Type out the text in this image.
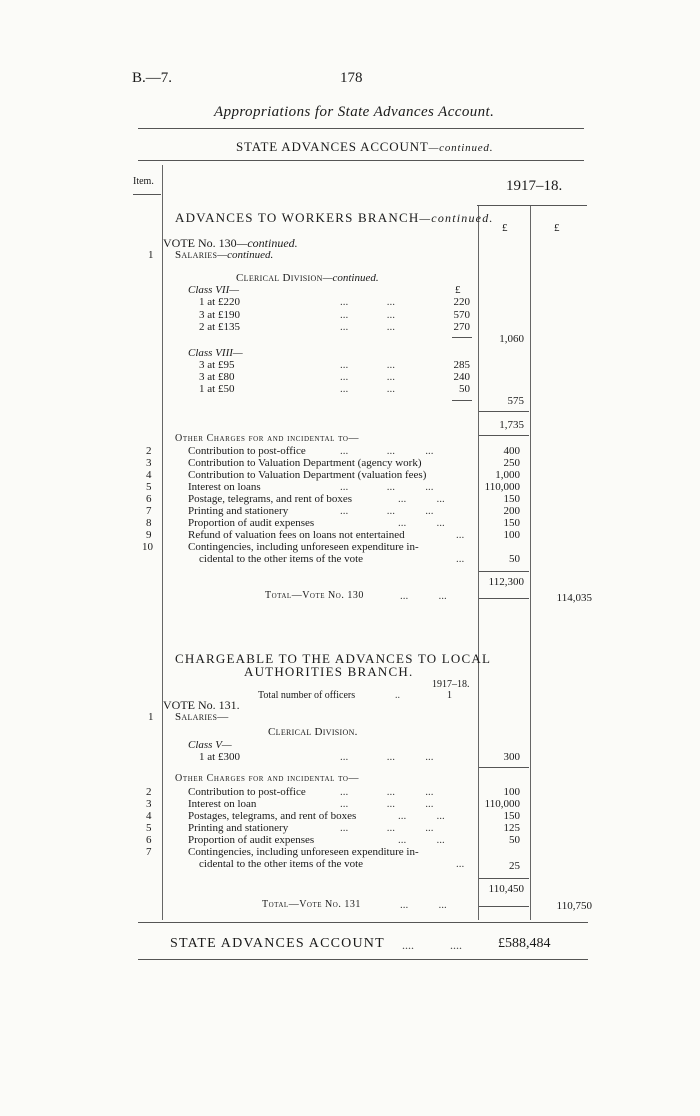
B.—7.	178
Appropriations for State Advances Account.
STATE ADVANCES ACCOUNT—continued.
Item.	1917–18.
£	£
ADVANCES TO WORKERS BRANCH—continued.
VOTE No. 130—continued.
1 Salaries—continued.
Clerical Division—continued.
£
Class VII—
1 at £220	...              ...	220
3 at £190	...              ...	570
2 at £135	...              ...	270
1,060
Class VIII—
3 at £95	...              ...	285
3 at £80	...              ...	240
1 at £50	...              ...	50
575
1,735
Other Charges for and incidental to—
2	Contribution to post-office	...              ...           ...	400
3	Contribution to Valuation Department (agency work)	250
4	Contribution to Valuation Department (valuation fees)	1,000
5	Interest on loans	...              ...           ...	110,000
6	Postage, telegrams, and rent of boxes	...           ...	150
7	Printing and stationery	...              ...           ...	200
8	Proportion of audit expenses	...           ...	150
9	Refund of valuation fees on loans not entertained	...	100
10	Contingencies, including unforeseen expenditure in-
cidental to the other items of the vote	...	50
112,300
Total—Vote No. 130	...           ...	114,035
CHARGEABLE TO THE ADVANCES TO LOCAL
AUTHORITIES BRANCH.
1917–18.
Total number of officers	..	1
VOTE No. 131.
1 Salaries—
Clerical Division.
Class V—
1 at £300	...              ...           ...	300
Other Charges for and incidental to—
2	Contribution to post-office	...              ...           ...	100
3	Interest on loan	...              ...           ...	110,000
4	Postages, telegrams, and rent of boxes	...           ...	150
5	Printing and stationery	...              ...           ...	125
6	Proportion of audit expenses	...           ...	50
7	Contingencies, including unforeseen expenditure in-
cidental to the other items of the vote	...	25
110,450
Total—Vote No. 131	...           ...	110,750
STATE ADVANCES ACCOUNT ....            ....	£588,484
